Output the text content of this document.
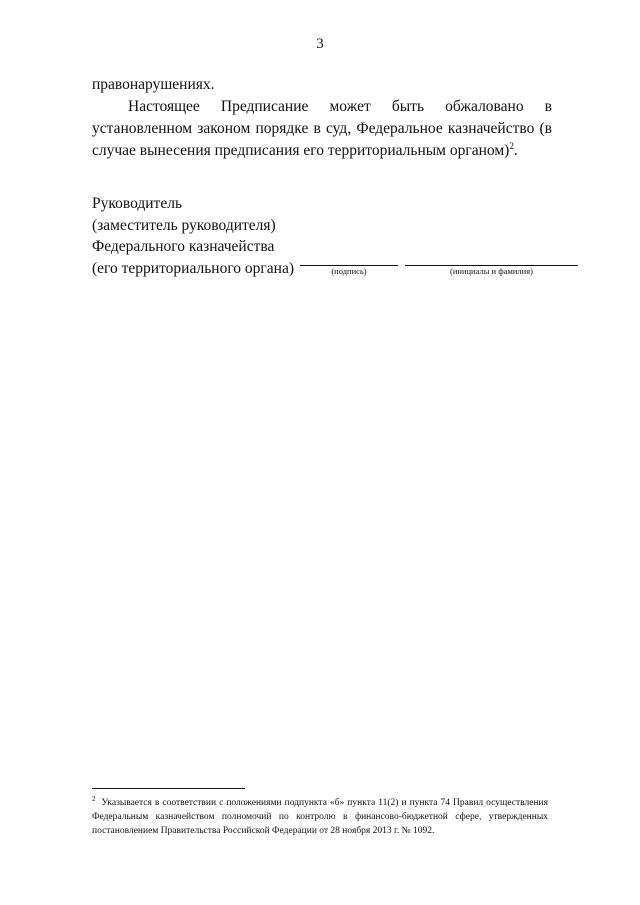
3

правонарушениях.

Настоящее Предписание может быть обжаловано в установленном законом порядке в суд, Федеральное казначейство (в случае вынесения предписания его территориальным органом)$^2$.

Руководитель
(заместитель руководителя)
Федерального казначейства
(его территориального органа)	(подпись)	(инициалы и фамилия)

$^2$ Указывается в соответствии с положениями подпункта «б» пункта 11(2) и пункта 74 Правил осуществления Федеральным казначейством полномочий по контролю в финансово-бюджетной сфере, утвержденных постановлением Правительства Российской Федерации от 28 ноября 2013 г. № 1092.
